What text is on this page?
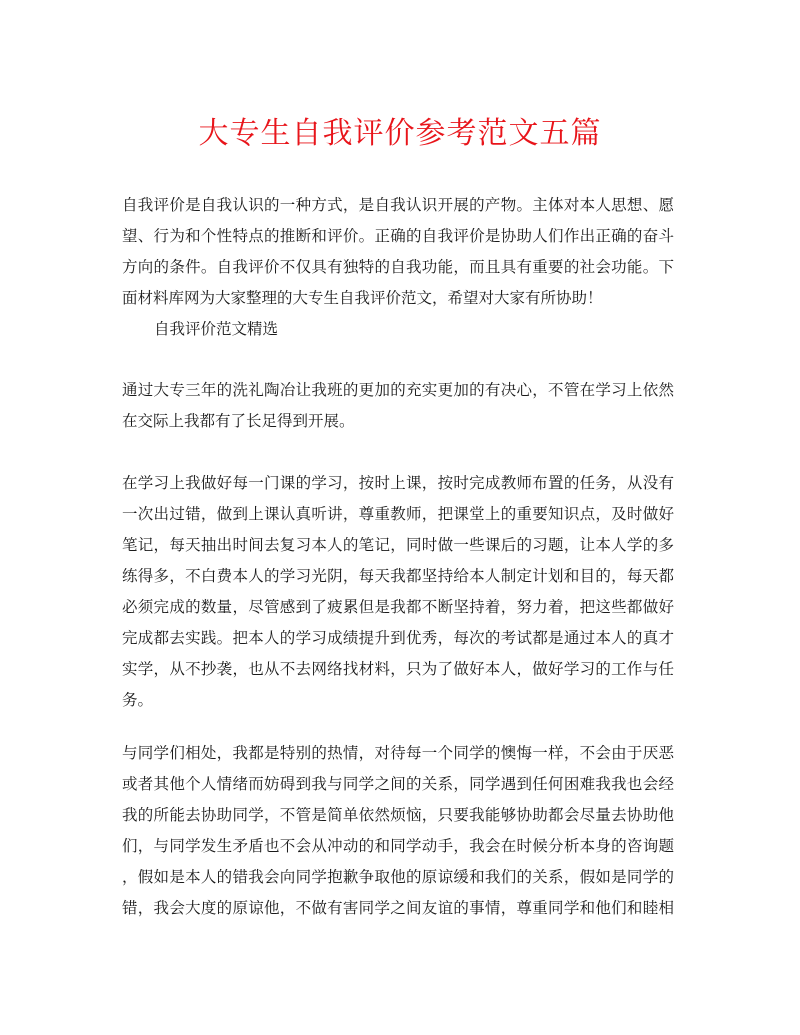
大专生自我评价参考范文五篇
自我评价是自我认识的一种方式，是自我认识开展的产物。主体对本人思想、愿
望、行为和个性特点的推断和评价。正确的自我评价是协助人们作出正确的奋斗
方向的条件。自我评价不仅具有独特的自我功能，而且具有重要的社会功能。下
面材料库网为大家整理的大专生自我评价范文，希望对大家有所协助！
自我评价范文精选
通过大专三年的洗礼陶冶让我班的更加的充实更加的有决心，不管在学习上依然
在交际上我都有了长足得到开展。
在学习上我做好每一门课的学习，按时上课，按时完成教师布置的任务，从没有
一次出过错，做到上课认真听讲，尊重教师，把课堂上的重要知识点，及时做好
笔记，每天抽出时间去复习本人的笔记，同时做一些课后的习题，让本人学的多
练得多，不白费本人的学习光阴，每天我都坚持给本人制定计划和目的，每天都
必须完成的数量，尽管感到了疲累但是我都不断坚持着，努力着，把这些都做好
完成都去实践。把本人的学习成绩提升到优秀，每次的考试都是通过本人的真才
实学，从不抄袭，也从不去网络找材料，只为了做好本人，做好学习的工作与任
务。
与同学们相处，我都是特别的热情，对待每一个同学的懊悔一样，不会由于厌恶
或者其他个人情绪而妨碍到我与同学之间的关系，同学遇到任何困难我我也会经
我的所能去协助同学，不管是简单依然烦恼，只要我能够协助都会尽量去协助他
们，与同学发生矛盾也不会从冲动的和同学动手，我会在时候分析本身的咨询题
，假如是本人的错我会向同学抱歉争取他的原谅缓和我们的关系，假如是同学的
错，我会大度的原谅他，不做有害同学之间友谊的事情，尊重同学和他们和睦相
